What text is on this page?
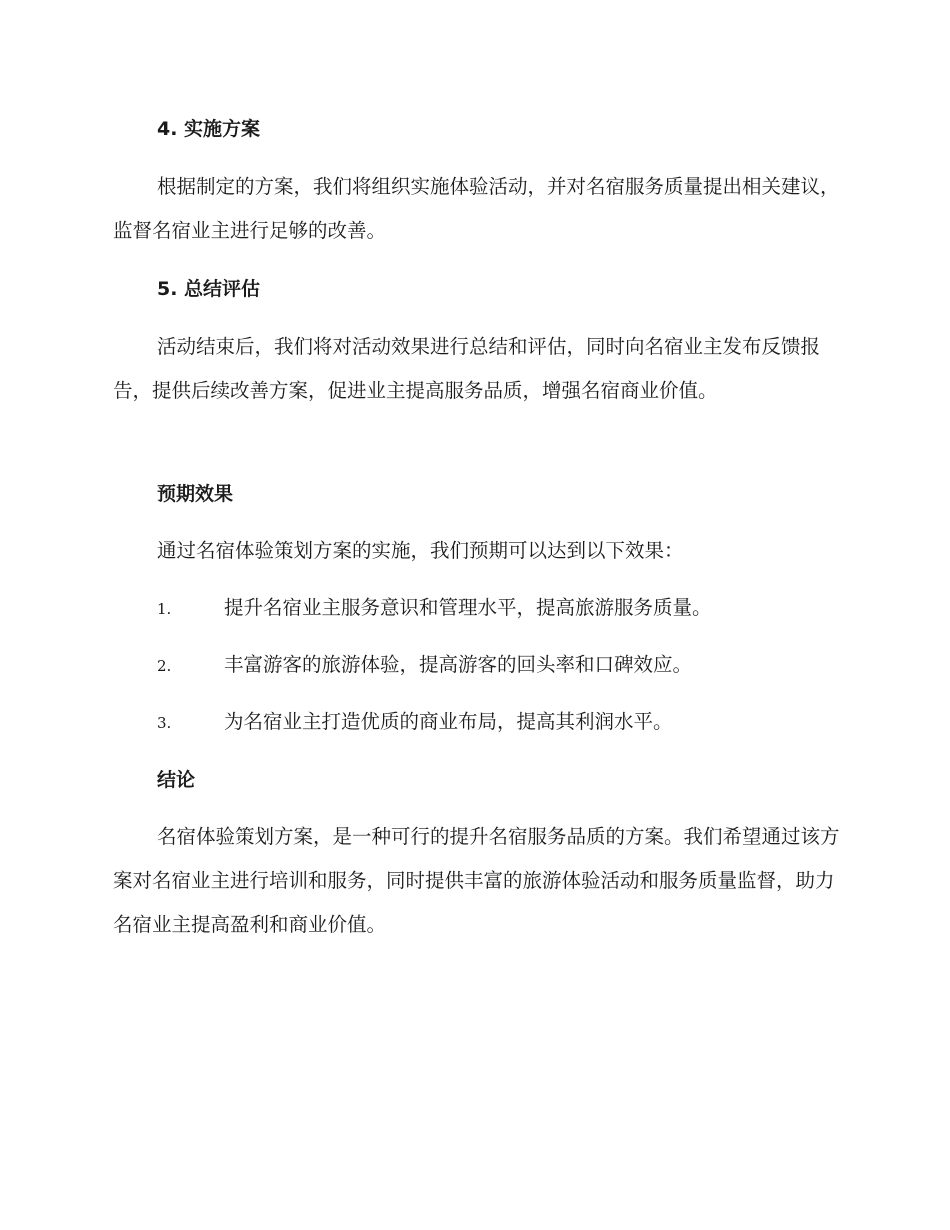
4. 实施方案

根据制定的方案，我们将组织实施体验活动，并对名宿服务质量提出相关建议，监督名宿业主进行足够的改善。

5. 总结评估

活动结束后，我们将对活动效果进行总结和评估，同时向名宿业主发布反馈报告，提供后续改善方案，促进业主提高服务品质，增强名宿商业价值。

预期效果

通过名宿体验策划方案的实施，我们预期可以达到以下效果：

1.	提升名宿业主服务意识和管理水平，提高旅游服务质量。
2.	丰富游客的旅游体验，提高游客的回头率和口碑效应。
3.	为名宿业主打造优质的商业布局，提高其利润水平。
结论

名宿体验策划方案，是一种可行的提升名宿服务品质的方案。我们希望通过该方案对名宿业主进行培训和服务，同时提供丰富的旅游体验活动和服务质量监督，助力名宿业主提高盈利和商业价值。
